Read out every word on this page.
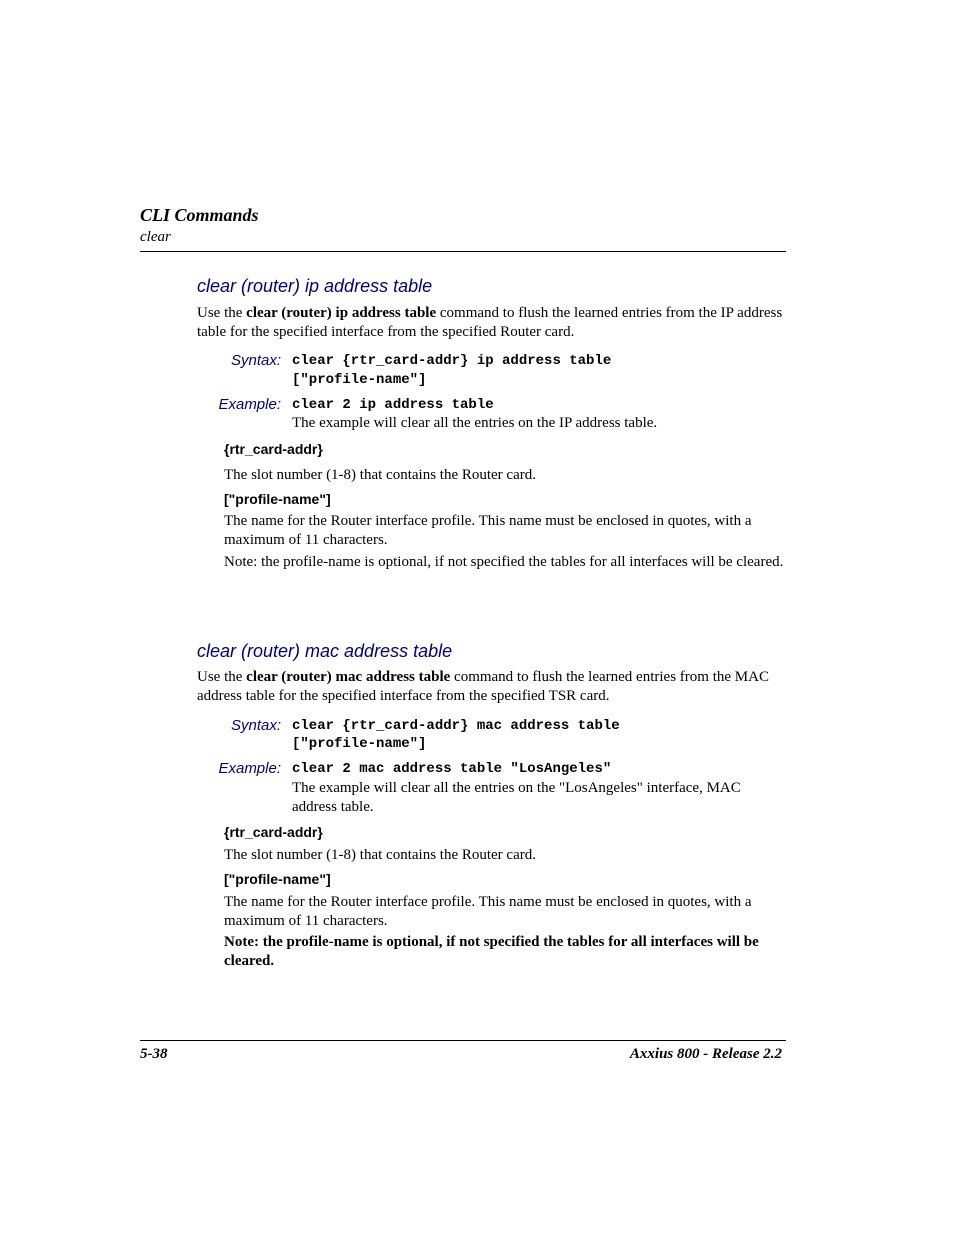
CLI Commands
clear
clear (router) ip address table
Use the clear (router) ip address table command to flush the learned entries from the IP address table for the specified interface from the specified Router card.
Syntax: clear {rtr_card-addr} ip address table
["profile-name"]
Example: clear 2 ip address table
The example will clear all the entries on the IP address table.
{rtr_card-addr}
The slot number (1-8) that contains the Router card.
["profile-name"]
The name for the Router interface profile. This name must be enclosed in quotes, with a maximum of 11 characters.
Note: the profile-name is optional, if not specified the tables for all interfaces will be cleared.
clear (router) mac address table
Use the clear (router) mac address table command to flush the learned entries from the MAC address table for the specified interface from the specified TSR card.
Syntax: clear {rtr_card-addr} mac address table
["profile-name"]
Example: clear 2 mac address table "LosAngeles"
The example will clear all the entries on the "LosAngeles" interface, MAC address table.
{rtr_card-addr}
The slot number (1-8) that contains the Router card.
["profile-name"]
The name for the Router interface profile. This name must be enclosed in quotes, with a maximum of 11 characters.
Note: the profile-name is optional, if not specified the tables for all interfaces will be cleared.
5-38	Axxius 800 - Release 2.2
